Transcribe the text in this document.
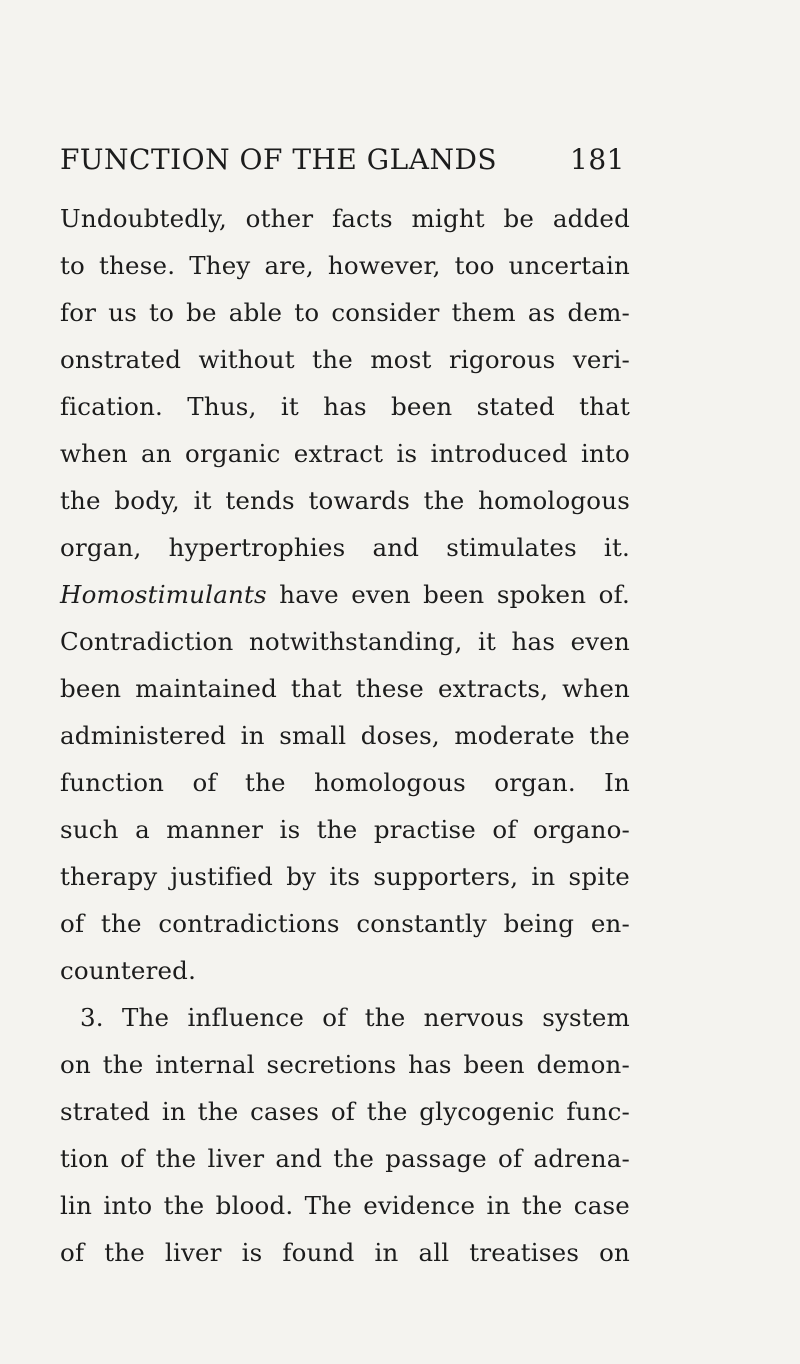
FUNCTION OF THE GLANDS	181
Undoubtedly, other facts might be added
to these. They are, however, too uncertain
for us to be able to consider them as dem-
onstrated without the most rigorous veri-
fication. Thus, it has been stated that
when an organic extract is introduced into
the body, it tends towards the homologous
organ, hypertrophies and stimulates it.
Homostimulants have even been spoken of.
Contradiction notwithstanding, it has even
been maintained that these extracts, when
administered in small doses, moderate the
function of the homologous organ. In
such a manner is the practise of organo-
therapy justified by its supporters, in spite
of the contradictions constantly being en-
countered.
3. The influence of the nervous system
on the internal secretions has been demon-
strated in the cases of the glycogenic func-
tion of the liver and the passage of adrena-
lin into the blood. The evidence in the case
of the liver is found in all treatises on
